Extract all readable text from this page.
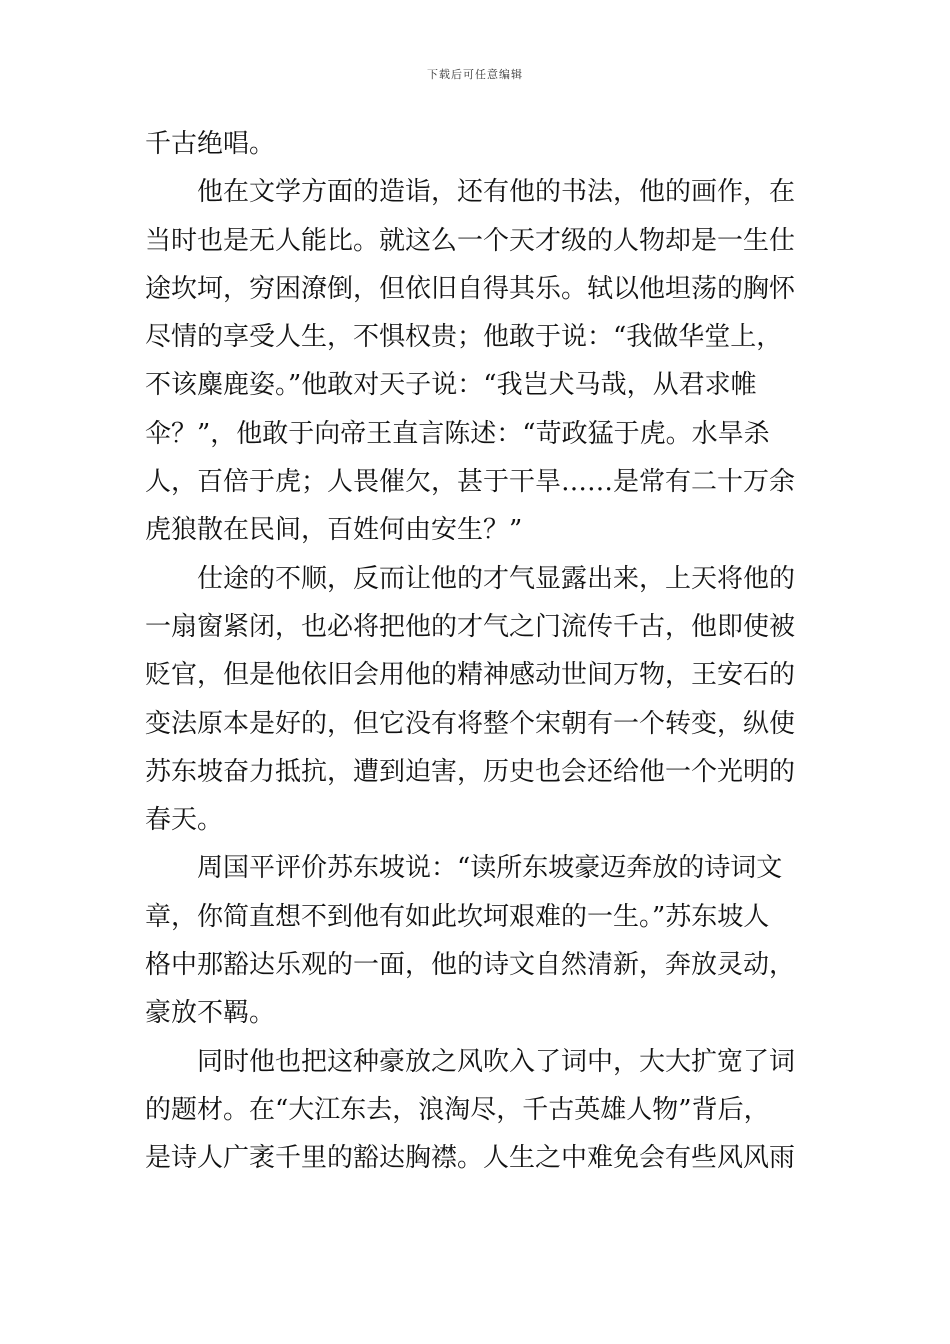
下载后可任意编辑
千古绝唱。
他在文学方面的造诣，还有他的书法，他的画作，在
当时也是无人能比。就这么一个天才级的人物却是一生仕
途坎坷，穷困潦倒，但依旧自得其乐。轼以他坦荡的胸怀
尽情的享受人生，不惧权贵；他敢于说：“我做华堂上，
不该麋鹿姿。”他敢对天子说：“我岂犬马哉，从君求帷
伞？”，他敢于向帝王直言陈述：“苛政猛于虎。水旱杀
人，百倍于虎；人畏催欠，甚于干旱……是常有二十万余
虎狼散在民间，百姓何由安生？”
仕途的不顺，反而让他的才气显露出来，上天将他的
一扇窗紧闭，也必将把他的才气之门流传千古，他即使被
贬官，但是他依旧会用他的精神感动世间万物，王安石的
变法原本是好的，但它没有将整个宋朝有一个转变，纵使
苏东坡奋力抵抗，遭到迫害，历史也会还给他一个光明的
春天。
周国平评价苏东坡说：“读所东坡豪迈奔放的诗词文
章，你简直想不到他有如此坎坷艰难的一生。”苏东坡人
格中那豁达乐观的一面，他的诗文自然清新，奔放灵动，
豪放不羁。
同时他也把这种豪放之风吹入了词中，大大扩宽了词
的题材。在“大江东去，浪淘尽，千古英雄人物”背后，
是诗人广袤千里的豁达胸襟。人生之中难免会有些风风雨
